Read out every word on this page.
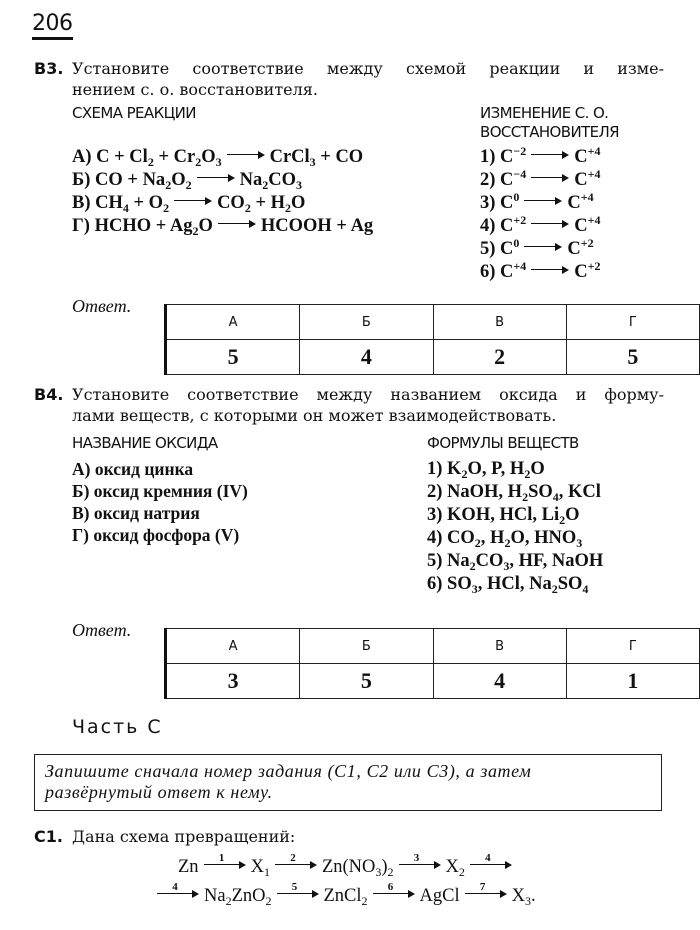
206
В3. Установите соответствие между схемой реакции и изме-
нением с. о. восстановителя.
СХЕМА РЕАКЦИИ	ИЗМЕНЕНИЕ С. О.
ВОССТАНОВИТЕЛЯ
А) $C + Cl_2 + Cr_2O_3$	CrCl$_3$ + CO
Б) CO + $Na_2O_2$	$Na_2CO_3$
В) $CH_4 + O_2$	$CO_2 + H_2O$
Г) HCHO + $Ag_2O$	HCOOH + Ag
1) $C^{-2}$	$C^{+4}$
2) $C^{-4}$	$C^{+4}$
3) $C^0$	$C^{+4}$
4) $C^{+2}$	$C^{+4}$
5) $C^0$	$C^{+2}$
6) $C^{+4}$	$C^{+2}$
Ответ.
А	Б	В	Г
5	4	2	5
В4. Установите соответствие между названием оксида и форму-
лами веществ, с которыми он может взаимодействовать.
НАЗВАНИЕ ОКСИДА	ФОРМУЛЫ ВЕЩЕСТВ
А) оксид цинка
Б) оксид кремния (IV)
В) оксид натрия
Г) оксид фосфора (V)
1) $K_2O$, P, $H_2O$
2) NaOH, $H_2SO_4$, KCl
3) KOH, HCl, $Li_2O$
4) $CO_2$, $H_2O$, $HNO_3$
5) $Na_2CO_3$, HF, NaOH
6) $SO_3$, HCl, $Na_2SO_4$
Ответ.
А	Б	В	Г
3	5	4	1
Часть С
Запишите сначала номер задания (С1, С2 или С3), а затем
развёрнутый ответ к нему.
С1. Дана схема превращений:
Zn	1	$X_1$
2	$Zn(NO_3)_2$
3	$X_2$
4
4	$Na_2ZnO_2$
5	ZnCl$_2$
6	AgCl	7	$X_3$.
